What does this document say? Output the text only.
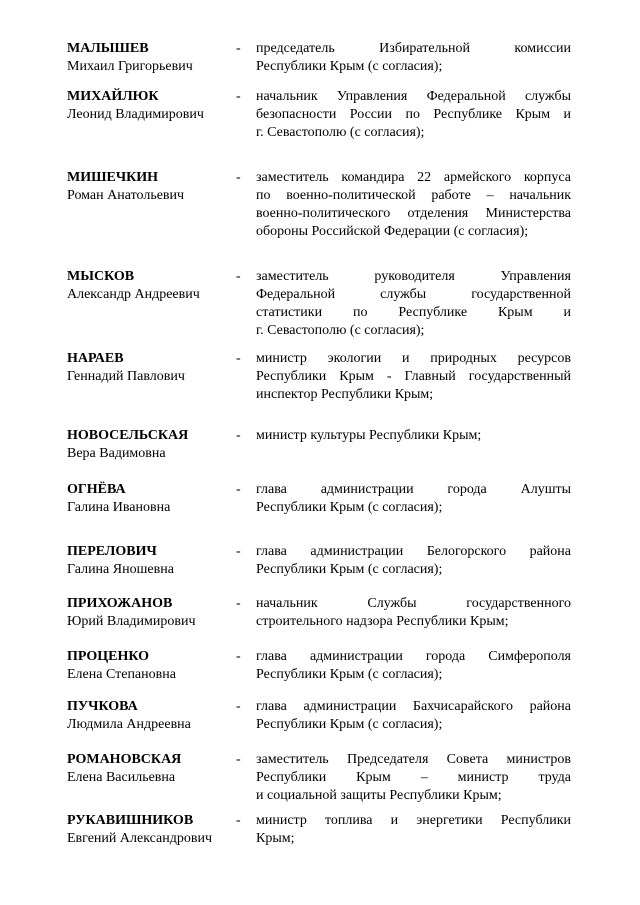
МАЛЫШЕВ
Михаил Григорьевич
- председатель Избирательной комиссии
Республики Крым (с согласия);
МИХАЙЛЮК
Леонид Владимирович
- начальник Управления Федеральной службы
безопасности России по Республике Крым и
г. Севастополю (с согласия);
МИШЕЧКИН
Роман Анатольевич
- заместитель командира 22 армейского корпуса
по военно-политической работе – начальник
военно-политического отделения Министерства
обороны Российской Федерации (с согласия);
МЫСКОВ
Александр Андреевич
- заместитель руководителя Управления
Федеральной службы государственной
статистики по Республике Крым и
г. Севастополю (с согласия);
НАРАЕВ
Геннадий Павлович
- министр экологии и природных ресурсов
Республики Крым - Главный государственный
инспектор Республики Крым;
НОВОСЕЛЬСКАЯ
Вера Вадимовна
- министр культуры Республики Крым;
ОГНЁВА
Галина Ивановна
- глава администрации города Алушты
Республики Крым (с согласия);
ПЕРЕЛОВИЧ
Галина Яношевна
- глава администрации Белогорского района
Республики Крым (с согласия);
ПРИХОЖАНОВ
Юрий Владимирович
- начальник Службы государственного
строительного надзора Республики Крым;
ПРОЦЕНКО
Елена Степановна
- глава администрации города Симферополя
Республики Крым (с согласия);
ПУЧКОВА
Людмила Андреевна
- глава администрации Бахчисарайского района
Республики Крым (с согласия);
РОМАНОВСКАЯ
Елена Васильевна
- заместитель Председателя Совета министров
Республики Крым – министр труда
и социальной защиты Республики Крым;
РУКАВИШНИКОВ
Евгений Александрович
- министр топлива и энергетики Республики
Крым;
